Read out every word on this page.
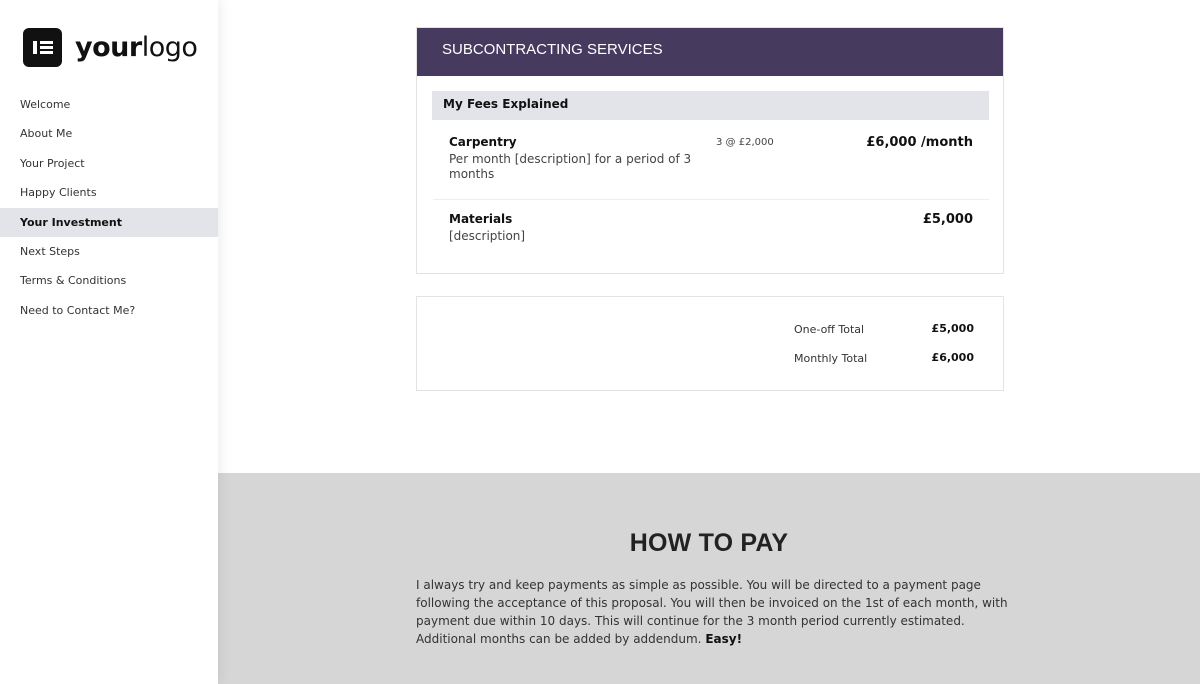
yourlogo
Welcome
About Me
Your Project
Happy Clients
Your Investment
Next Steps
Terms & Conditions
Need to Contact Me?
SUBCONTRACTING SERVICES
My Fees Explained
Carpentry
Per month [description] for a period of 3 months
3 @ £2,000	£6,000 /month
Materials
[description]
£5,000
One-off Total	£5,000
Monthly Total	£6,000
HOW TO PAY

I always try and keep payments as simple as possible. You will be directed to a payment page following the acceptance of this proposal. You will then be invoiced on the 1st of each month, with payment due within 10 days. This will continue for the 3 month period currently estimated. Additional months can be added by addendum. Easy!
